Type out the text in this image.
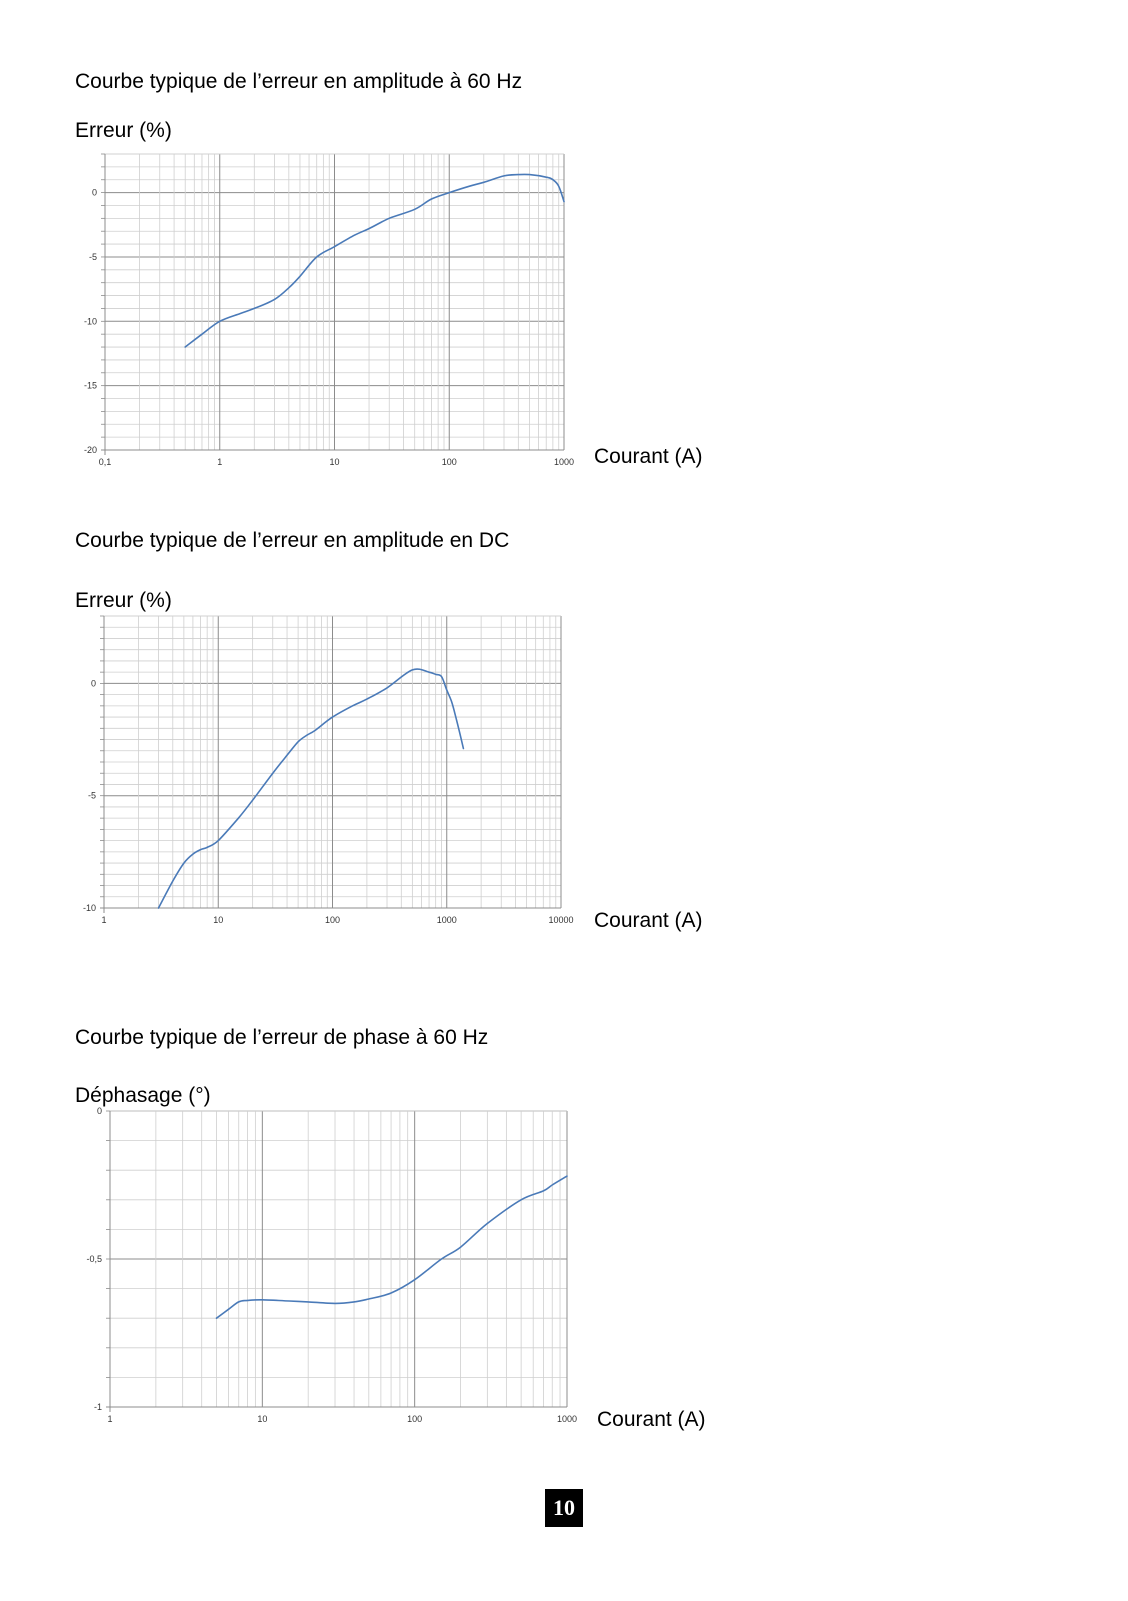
Courbe typique de l’erreur en amplitude à 60 Hz
Erreur (%)
0
-5
-10
-15
-20
0,1	1	10	100	1000 Courant (A)
Courbe typique de l’erreur en amplitude en DC
Erreur (%)
0
-5
-10
1	10	100	1000	10000 Courant (A)
Courbe typique de l’erreur de phase à 60 Hz
Déphasage (°)
0
-0,5
-1
1	10	100	1000 Courant (A)
10
